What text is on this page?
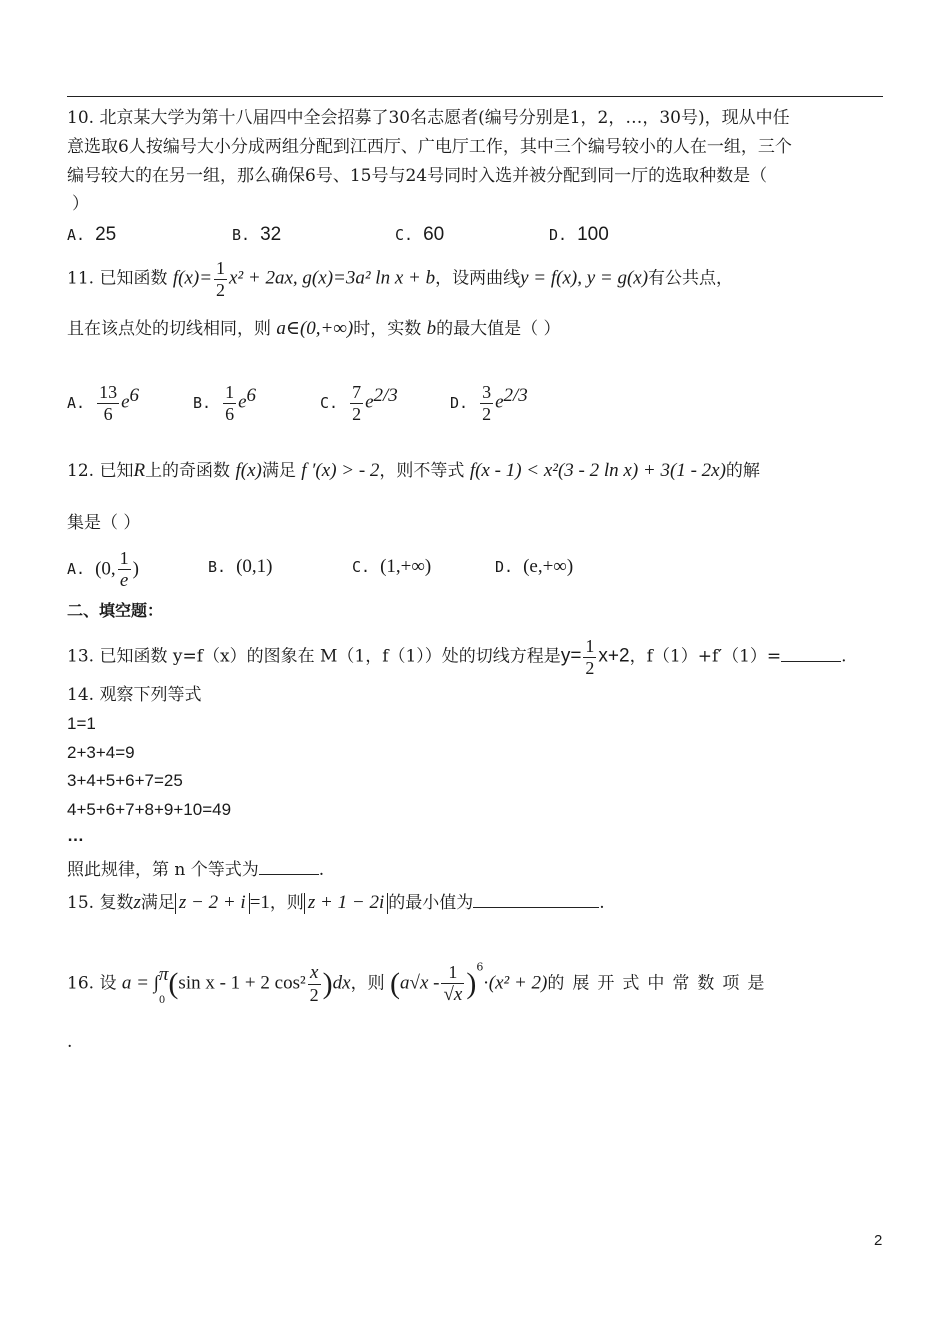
10. 北京某大学为第十八届四中全会招募了30名志愿者(编号分别是1，2，…，30号)，现从中任
意选取6人按编号大小分成两组分配到江西厅、广电厅工作，其中三个编号较小的人在一组，三个
编号较大的在另一组，那么确保6号、15号与24号同时入选并被分配到同一厅的选取种数是（
）
A. 25	B. 32	C. 60	D. 100
11. 已知函数 $f(x)= \frac{1}{2} x^2 + 2ax$, g(x)=3a² ln x + b，设两曲线y = f(x), y = g(x)有公共点，
且在该点处的切线相同，则 a∈(0,+∞)时，实数 b的最大值是（ ）
A. $\frac{13}{6} e^6$	B. $\frac{1}{6} e^6$	C. $\frac{7}{2} e^{2/3}$	D. $\frac{3}{2} e^{2/3}$
12. 已知R上的奇函数 f(x)满足 f ′(x) > - 2，则不等式 f(x - 1) < x²(3 - 2 ln x) + 3(1 - 2x)的解
集是（ ）
A. (0, $\frac{1}{e}$ )	B. (0,1)	C. (1,+∞)	D. (e,+∞)
二、填空题：
13. 已知函数 y=f（x）的图象在 M（1，f（1））处的切线方程是$y= \frac{1}{2} x+2$，f（1）+f′（1）=	.
14. 观察下列等式
1=1
2+3+4=9
3+4+5+6+7=25
4+5+6+7+8+9+10=49
…
照此规律，第 n 个等式为	.
15. 复数z满足 z − 2 + i =1，则 z + 1 − 2i 的最小值为	.
16. 设 a = ∫ π
0
(sin x - 1 + 2 $\cos^2 \frac{x}{2} )dx$，则 $(a√x - \frac{1}{√x} )^6\cdot(x^2 + 2)$的展开式中常数项是
.
2
